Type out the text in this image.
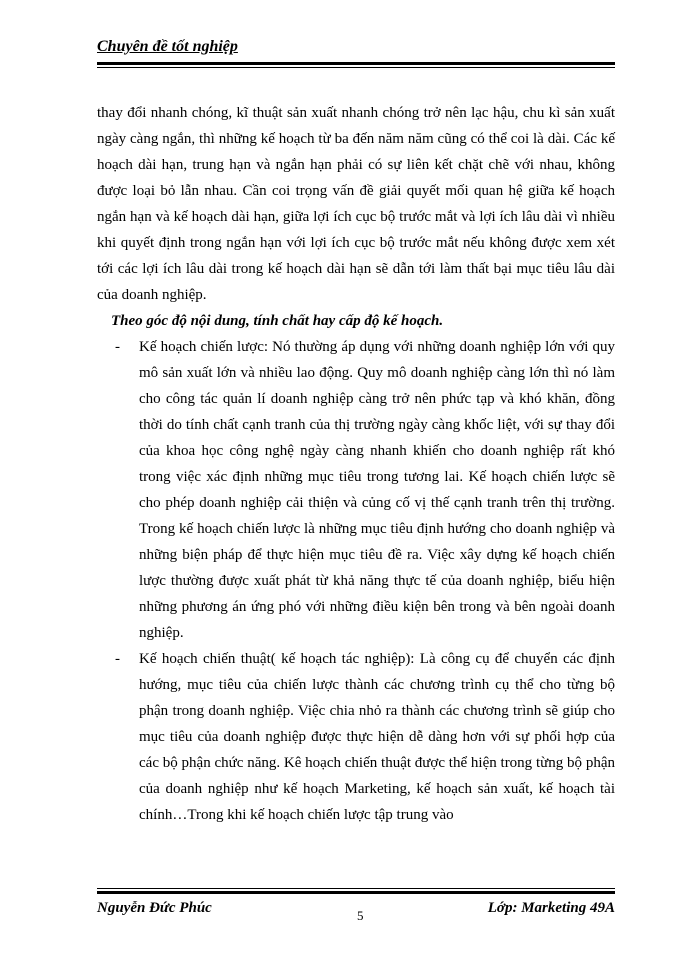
Chuyên đề tốt nghiệp

thay đổi nhanh chóng, kĩ thuật sản xuất nhanh chóng trở nên lạc hậu, chu kì sản xuất ngày càng ngắn, thì những kế hoạch từ ba đến năm năm cũng có thể coi là dài. Các kế hoạch dài hạn, trung hạn và ngắn hạn phải có sự liên kết chặt chẽ với nhau, không được loại bỏ lẫn nhau. Cần coi trọng vấn đề giải quyết mối quan hệ giữa kế hoạch ngắn hạn và kế hoạch dài hạn, giữa lợi ích cục bộ trước mắt và lợi ích lâu dài vì nhiều khi quyết định trong ngắn hạn với lợi ích cục bộ trước mắt nếu không được xem xét tới các lợi ích lâu dài trong kế hoạch dài hạn sẽ dẫn tới làm thất bại mục tiêu lâu dài của doanh nghiệp.

Theo góc độ nội dung, tính chất hay cấp độ kế hoạch.

- Kế hoạch chiến lược: Nó thường áp dụng với những doanh nghiệp lớn với quy mô sản xuất lớn và nhiều lao động. Quy mô doanh nghiệp càng lớn thì nó làm cho công tác quản lí doanh nghiệp càng trở nên phức tạp và khó khăn, đồng thời do tính chất cạnh tranh của thị trường ngày càng khốc liệt, với sự thay đổi của khoa học công nghệ ngày càng nhanh khiến cho doanh nghiệp rất khó trong việc xác định những mục tiêu trong tương lai. Kế hoạch chiến lược sẽ cho phép doanh nghiệp cải thiện và củng cố vị thế cạnh tranh trên thị trường. Trong kế hoạch chiến lược là những mục tiêu định hướng cho doanh nghiệp và những biện pháp để thực hiện mục tiêu đề ra. Việc xây dựng kế hoạch chiến lược thường được xuất phát từ khả năng thực tế của doanh nghiệp, biểu hiện những phương án ứng phó với những điều kiện bên trong và bên ngoài doanh nghiệp.
- Kế hoạch chiến thuật( kế hoạch tác nghiệp): Là công cụ để chuyển các định hướng, mục tiêu của chiến lược thành các chương trình cụ thể cho từng bộ phận trong doanh nghiệp. Việc chia nhỏ ra thành các chương trình sẽ giúp cho mục tiêu của doanh nghiệp được thực hiện dễ dàng hơn với sự phối hợp của các bộ phận chức năng. Kê hoạch chiến thuật được thể hiện trong từng bộ phận của doanh nghiệp như kế hoạch Marketing, kế hoạch sản xuất, kế hoạch tài chính…Trong khi kế hoạch chiến lược tập trung vào
Nguyễn Đức Phúc	5	Lớp: Marketing 49A
